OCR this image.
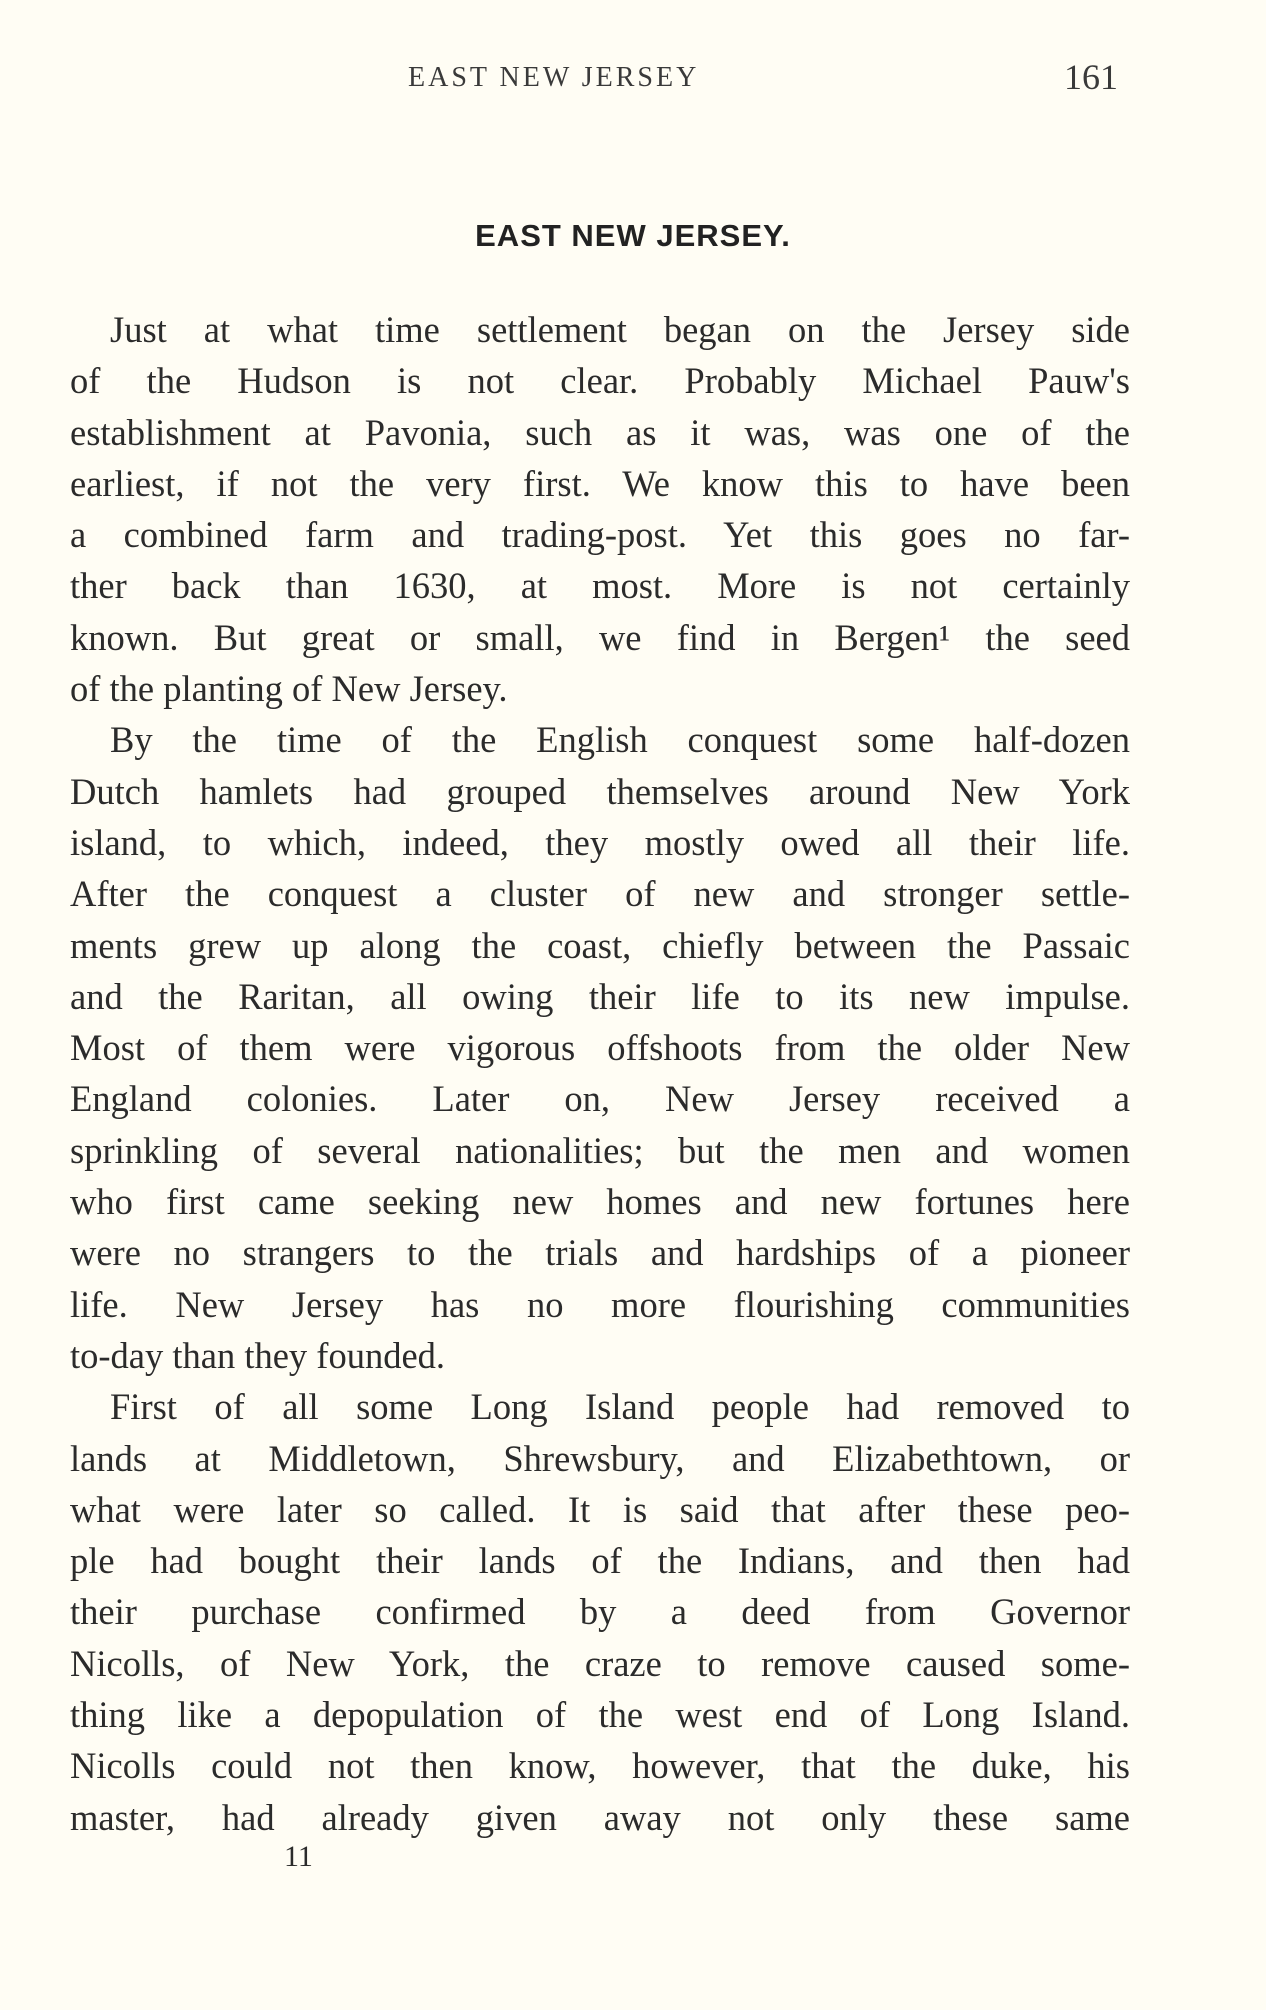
EAST NEW JERSEY	161
EAST NEW JERSEY.
Just at what time settlement began on the Jersey side
of the Hudson is not clear. Probably Michael Pauw's
establishment at Pavonia, such as it was, was one of the
earliest, if not the very first. We know this to have been
a combined farm and trading-post. Yet this goes no far-
ther back than 1630, at most. More is not certainly
known. But great or small, we find in Bergen¹ the seed
of the planting of New Jersey.
By the time of the English conquest some half-dozen
Dutch hamlets had grouped themselves around New York
island, to which, indeed, they mostly owed all their life.
After the conquest a cluster of new and stronger settle-
ments grew up along the coast, chiefly between the Passaic
and the Raritan, all owing their life to its new impulse.
Most of them were vigorous offshoots from the older New
England colonies. Later on, New Jersey received a
sprinkling of several nationalities; but the men and women
who first came seeking new homes and new fortunes here
were no strangers to the trials and hardships of a pioneer
life. New Jersey has no more flourishing communities
to-day than they founded.
First of all some Long Island people had removed to
lands at Middletown, Shrewsbury, and Elizabethtown, or
what were later so called. It is said that after these peo-
ple had bought their lands of the Indians, and then had
their purchase confirmed by a deed from Governor
Nicolls, of New York, the craze to remove caused some-
thing like a depopulation of the west end of Long Island.
Nicolls could not then know, however, that the duke, his
master, had already given away not only these same
11
